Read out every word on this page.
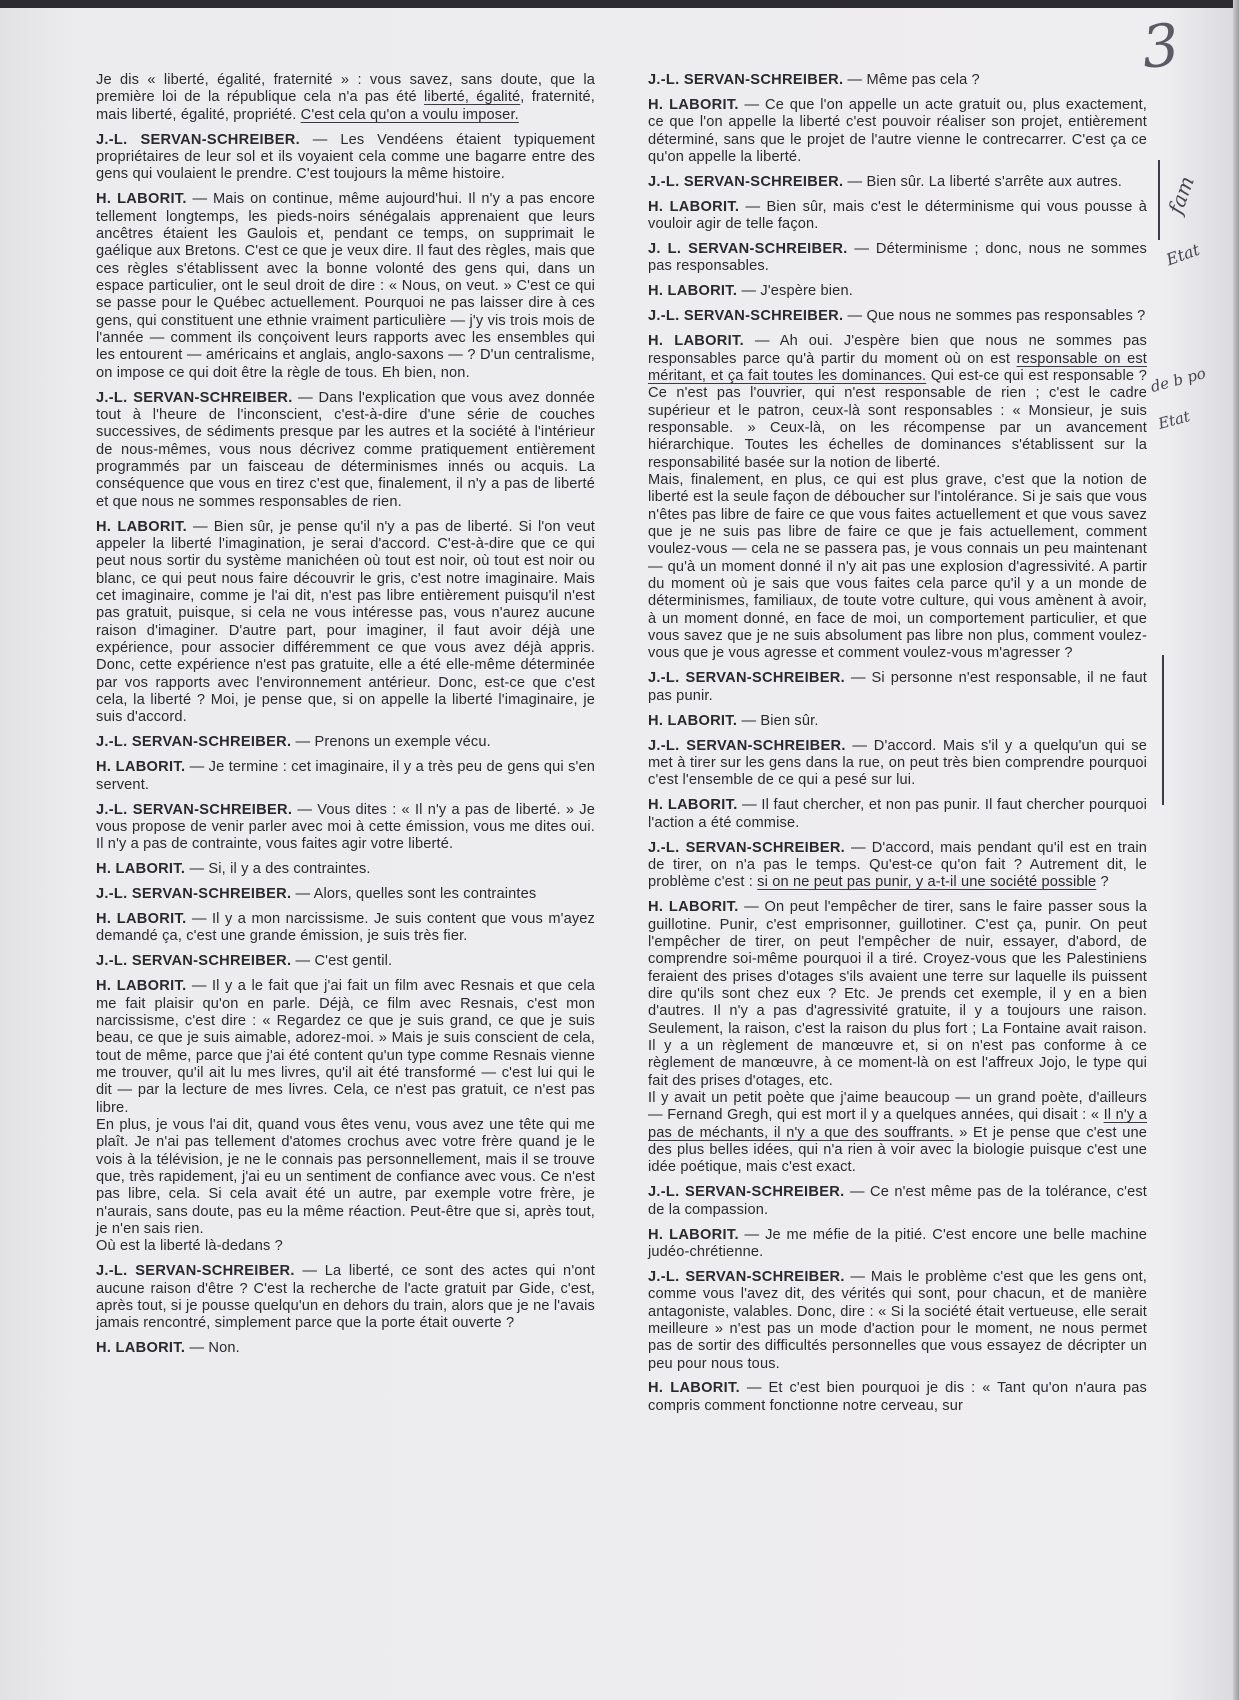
3

Je dis « liberté, égalité, fraternité » : vous savez, sans doute, que la première loi de la république cela n'a pas été liberté, égalité, fraternité, mais liberté, égalité, propriété. C'est cela qu'on a voulu imposer.

J.-L. SERVAN-SCHREIBER. — Les Vendéens étaient typiquement propriétaires de leur sol et ils voyaient cela comme une bagarre entre des gens qui voulaient le prendre. C'est toujours la même histoire.

H. LABORIT. — Mais on continue, même aujourd'hui. Il n'y a pas encore tellement longtemps, les pieds-noirs sénégalais apprenaient que leurs ancêtres étaient les Gaulois et, pendant ce temps, on supprimait le gaélique aux Bretons. C'est ce que je veux dire. Il faut des règles, mais que ces règles s'établissent avec la bonne volonté des gens qui, dans un espace particulier, ont le seul droit de dire : « Nous, on veut. » C'est ce qui se passe pour le Québec actuellement. Pourquoi ne pas laisser dire à ces gens, qui constituent une ethnie vraiment particulière — j'y vis trois mois de l'année — comment ils conçoivent leurs rapports avec les ensembles qui les entourent — américains et anglais, anglo-saxons — ? D'un centralisme, on impose ce qui doit être la règle de tous. Eh bien, non.

J.-L. SERVAN-SCHREIBER. — Dans l'explication que vous avez donnée tout à l'heure de l'inconscient, c'est-à-dire d'une série de couches successives, de sédiments presque par les autres et la société à l'intérieur de nous-mêmes, vous nous décrivez comme pratiquement entièrement programmés par un faisceau de déterminismes innés ou acquis. La conséquence que vous en tirez c'est que, finalement, il n'y a pas de liberté et que nous ne sommes responsables de rien.

H. LABORIT. — Bien sûr, je pense qu'il n'y a pas de liberté. Si l'on veut appeler la liberté l'imagination, je serai d'accord. C'est-à-dire que ce qui peut nous sortir du système manichéen où tout est noir, où tout est noir ou blanc, ce qui peut nous faire découvrir le gris, c'est notre imaginaire. Mais cet imaginaire, comme je l'ai dit, n'est pas libre entièrement puisqu'il n'est pas gratuit, puisque, si cela ne vous intéresse pas, vous n'aurez aucune raison d'imaginer. D'autre part, pour imaginer, il faut avoir déjà une expérience, pour associer différemment ce que vous avez déjà appris. Donc, cette expérience n'est pas gratuite, elle a été elle-même déterminée par vos rapports avec l'environnement antérieur. Donc, est-ce que c'est cela, la liberté ? Moi, je pense que, si on appelle la liberté l'imaginaire, je suis d'accord.

J.-L. SERVAN-SCHREIBER. — Prenons un exemple vécu.

H. LABORIT. — Je termine : cet imaginaire, il y a très peu de gens qui s'en servent.

J.-L. SERVAN-SCHREIBER. — Vous dites : « Il n'y a pas de liberté. » Je vous propose de venir parler avec moi à cette émission, vous me dites oui. Il n'y a pas de contrainte, vous faites agir votre liberté.

H. LABORIT. — Si, il y a des contraintes.

J.-L. SERVAN-SCHREIBER. — Alors, quelles sont les contraintes

H. LABORIT. — Il y a mon narcissisme. Je suis content que vous m'ayez demandé ça, c'est une grande émission, je suis très fier.

J.-L. SERVAN-SCHREIBER. — C'est gentil.

H. LABORIT. — Il y a le fait que j'ai fait un film avec Resnais et que cela me fait plaisir qu'on en parle. Déjà, ce film avec Resnais, c'est mon narcissisme, c'est dire : « Regardez ce que je suis grand, ce que je suis beau, ce que je suis aimable, adorez-moi. » Mais je suis conscient de cela, tout de même, parce que j'ai été content qu'un type comme Resnais vienne me trouver, qu'il ait lu mes livres, qu'il ait été transformé — c'est lui qui le dit — par la lecture de mes livres. Cela, ce n'est pas gratuit, ce n'est pas libre.

En plus, je vous l'ai dit, quand vous êtes venu, vous avez une tête qui me plaît. Je n'ai pas tellement d'atomes crochus avec votre frère quand je le vois à la télévision, je ne le connais pas personnellement, mais il se trouve que, très rapidement, j'ai eu un sentiment de confiance avec vous. Ce n'est pas libre, cela. Si cela avait été un autre, par exemple votre frère, je n'aurais, sans doute, pas eu la même réaction. Peut-être que si, après tout, je n'en sais rien.

Où est la liberté là-dedans ?

J.-L. SERVAN-SCHREIBER. — La liberté, ce sont des actes qui n'ont aucune raison d'être ? C'est la recherche de l'acte gratuit par Gide, c'est, après tout, si je pousse quelqu'un en dehors du train, alors que je ne l'avais jamais rencontré, simplement parce que la porte était ouverte ?

H. LABORIT. — Non.

J.-L. SERVAN-SCHREIBER. — Même pas cela ?

H. LABORIT. — Ce que l'on appelle un acte gratuit ou, plus exactement, ce que l'on appelle la liberté c'est pouvoir réaliser son projet, entièrement déterminé, sans que le projet de l'autre vienne le contrecarrer. C'est ça ce qu'on appelle la liberté.

J.-L. SERVAN-SCHREIBER. — Bien sûr. La liberté s'arrête aux autres.

H. LABORIT. — Bien sûr, mais c'est le déterminisme qui vous pousse à vouloir agir de telle façon.

J. L. SERVAN-SCHREIBER. — Déterminisme ; donc, nous ne sommes pas responsables.

H. LABORIT. — J'espère bien.

J.-L. SERVAN-SCHREIBER. — Que nous ne sommes pas responsables ?

H. LABORIT. — Ah oui. J'espère bien que nous ne sommes pas responsables parce qu'à partir du moment où on est responsable on est méritant, et ça fait toutes les dominances. Qui est-ce qui est responsable ? Ce n'est pas l'ouvrier, qui n'est responsable de rien ; c'est le cadre supérieur et le patron, ceux-là sont responsables : « Monsieur, je suis responsable. » Ceux-là, on les récompense par un avancement hiérarchique. Toutes les échelles de dominances s'établissent sur la responsabilité basée sur la notion de liberté.

Mais, finalement, en plus, ce qui est plus grave, c'est que la notion de liberté est la seule façon de déboucher sur l'intolérance. Si je sais que vous n'êtes pas libre de faire ce que vous faites actuellement et que vous savez que je ne suis pas libre de faire ce que je fais actuellement, comment voulez-vous — cela ne se passera pas, je vous connais un peu maintenant — qu'à un moment donné il n'y ait pas une explosion d'agressivité. A partir du moment où je sais que vous faites cela parce qu'il y a un monde de déterminismes, familiaux, de toute votre culture, qui vous amènent à avoir, à un moment donné, en face de moi, un comportement particulier, et que vous savez que je ne suis absolument pas libre non plus, comment voulez-vous que je vous agresse et comment voulez-vous m'agresser ?

J.-L. SERVAN-SCHREIBER. — Si personne n'est responsable, il ne faut pas punir.

H. LABORIT. — Bien sûr.

J.-L. SERVAN-SCHREIBER. — D'accord. Mais s'il y a quelqu'un qui se met à tirer sur les gens dans la rue, on peut très bien comprendre pourquoi c'est l'ensemble de ce qui a pesé sur lui.

H. LABORIT. — Il faut chercher, et non pas punir. Il faut chercher pourquoi l'action a été commise.

J.-L. SERVAN-SCHREIBER. — D'accord, mais pendant qu'il est en train de tirer, on n'a pas le temps. Qu'est-ce qu'on fait ? Autrement dit, le problème c'est : si on ne peut pas punir, y a-t-il une société possible ?

H. LABORIT. — On peut l'empêcher de tirer, sans le faire passer sous la guillotine. Punir, c'est emprisonner, guillotiner. C'est ça, punir. On peut l'empêcher de tirer, on peut l'empêcher de nuir, essayer, d'abord, de comprendre soi-même pourquoi il a tiré. Croyez-vous que les Palestiniens feraient des prises d'otages s'ils avaient une terre sur laquelle ils puissent dire qu'ils sont chez eux ? Etc. Je prends cet exemple, il y en a bien d'autres. Il n'y a pas d'agressivité gratuite, il y a toujours une raison. Seulement, la raison, c'est la raison du plus fort ; La Fontaine avait raison. Il y a un règlement de manœuvre et, si on n'est pas conforme à ce règlement de manœuvre, à ce moment-là on est l'affreux Jojo, le type qui fait des prises d'otages, etc.

Il y avait un petit poète que j'aime beaucoup — un grand poète, d'ailleurs — Fernand Gregh, qui est mort il y a quelques années, qui disait : « Il n'y a pas de méchants, il n'y a que des souffrants. » Et je pense que c'est une des plus belles idées, qui n'a rien à voir avec la biologie puisque c'est une idée poétique, mais c'est exact.

J.-L. SERVAN-SCHREIBER. — Ce n'est même pas de la tolérance, c'est de la compassion.

H. LABORIT. — Je me méfie de la pitié. C'est encore une belle machine judéo-chrétienne.

J.-L. SERVAN-SCHREIBER. — Mais le problème c'est que les gens ont, comme vous l'avez dit, des vérités qui sont, pour chacun, et de manière antagoniste, valables. Donc, dire : « Si la société était vertueuse, elle serait meilleure » n'est pas un mode d'action pour le moment, ne nous permet pas de sortir des difficultés personnelles que vous essayez de décripter un peu pour nous tous.

H. LABORIT. — Et c'est bien pourquoi je dis : « Tant qu'on n'aura pas compris comment fonctionne notre cerveau, sur

fam
Etat
de b po
Etat
